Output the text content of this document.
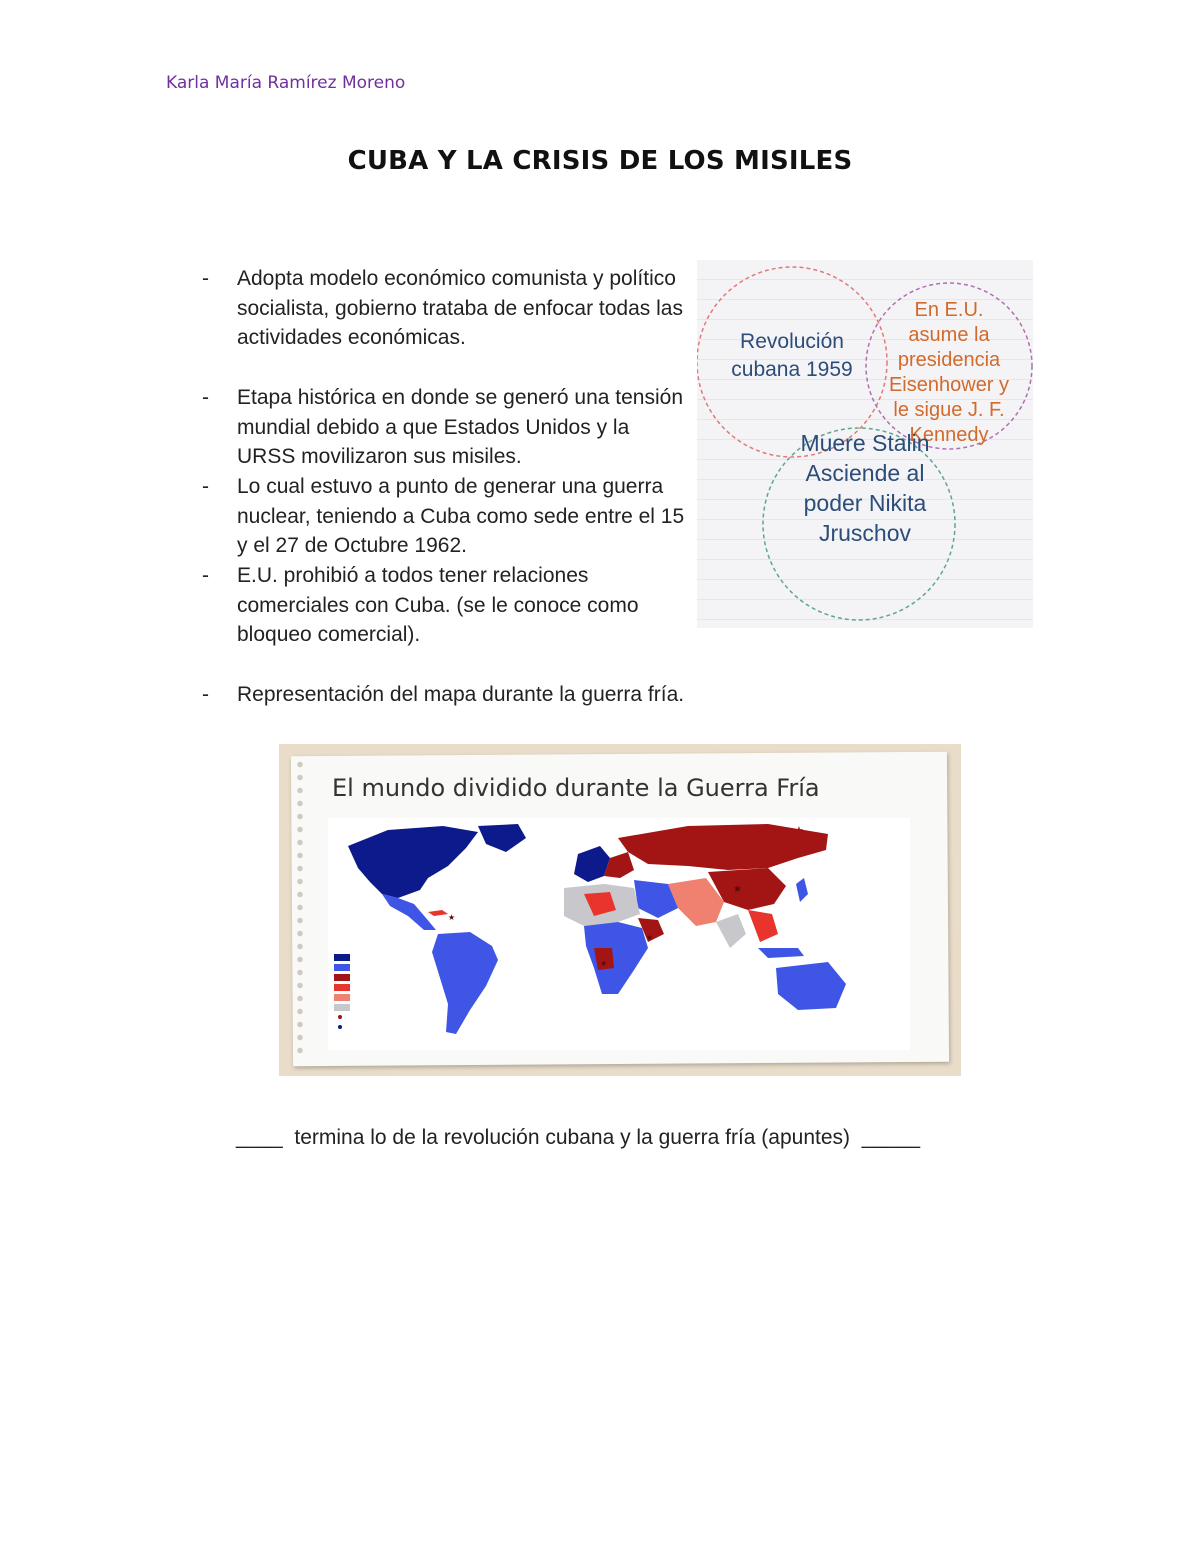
Karla María Ramírez Moreno
CUBA Y LA CRISIS DE LOS MISILES
- Adopta modelo económico comunista y político socialista, gobierno trataba de enfocar todas las actividades económicas.
- Etapa histórica en donde se generó una tensión mundial debido a que Estados Unidos y la URSS movilizaron sus misiles.
- Lo cual estuvo a punto de generar una guerra nuclear, teniendo a Cuba como sede entre el 15 y el 27 de Octubre 1962.
- E.U. prohibió a todos tener relaciones comerciales con Cuba. (se le conoce como bloqueo comercial).
- Representación del mapa durante la guerra fría.
Revolución cubana 1959
En E.U. asume la presidencia Eisenhower y le sigue J. F. Kennedy
Muere Stalin Asciende al poder Nikita Jruschov
El mundo dividido durante la Guerra Fría
★
★
★
★
★
____  termina lo de la revolución cubana y la guerra fría (apuntes)  _____
